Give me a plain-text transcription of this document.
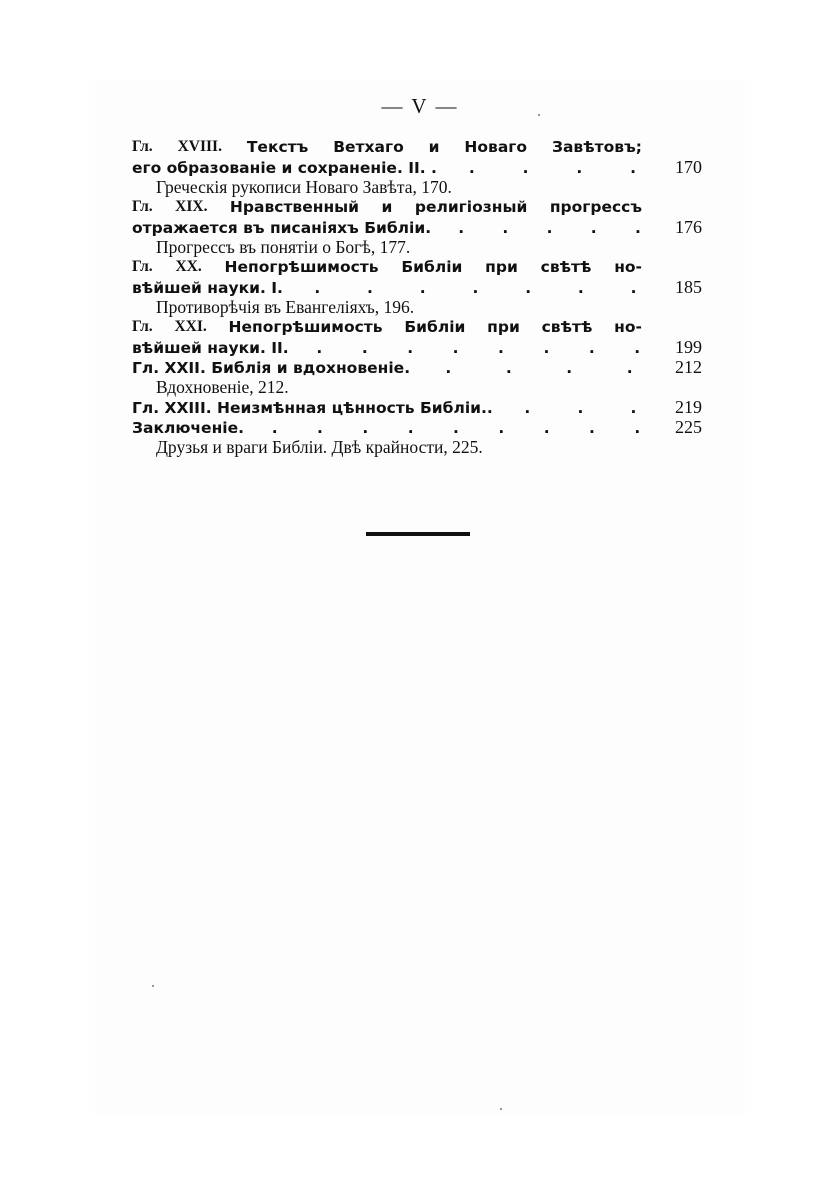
— V —
Гл. XVIII. Текстъ Ветхаго и Новаго Завѣтовъ;
его образованіе и сохраненіе. II. . .	.	.	.	170
Греческія рукописи Новаго Завѣта, 170.
Гл. XIX. Нравственный и религіозный прогрессъ
отражается въ писаніяхъ Библіи. . . . . .	176
Прогрессъ въ понятіи о Богѣ, 177.
Гл. XX. Непогрѣшимость Библіи при свѣтѣ но-
вѣйшей науки. I. .	.	.	.	.	.	.	185
Противорѣчія въ Евангеліяхъ, 196.
Гл. XXI. Непогрѣшимость Библіи при свѣтѣ но-
вѣйшей науки. II. .	.	.	.	.	.	.	.	199
Гл. XXII. Библія и вдохновеніе. .	.	.	.	212
Вдохновеніе, 212.
Гл. XXIII. Неизмѣнная цѣнность Библіи.. .	.	.	219
Заключеніе. .	.	.	.	.	.	.	.	.	225
Друзья и враги Библіи. Двѣ крайности, 225.
